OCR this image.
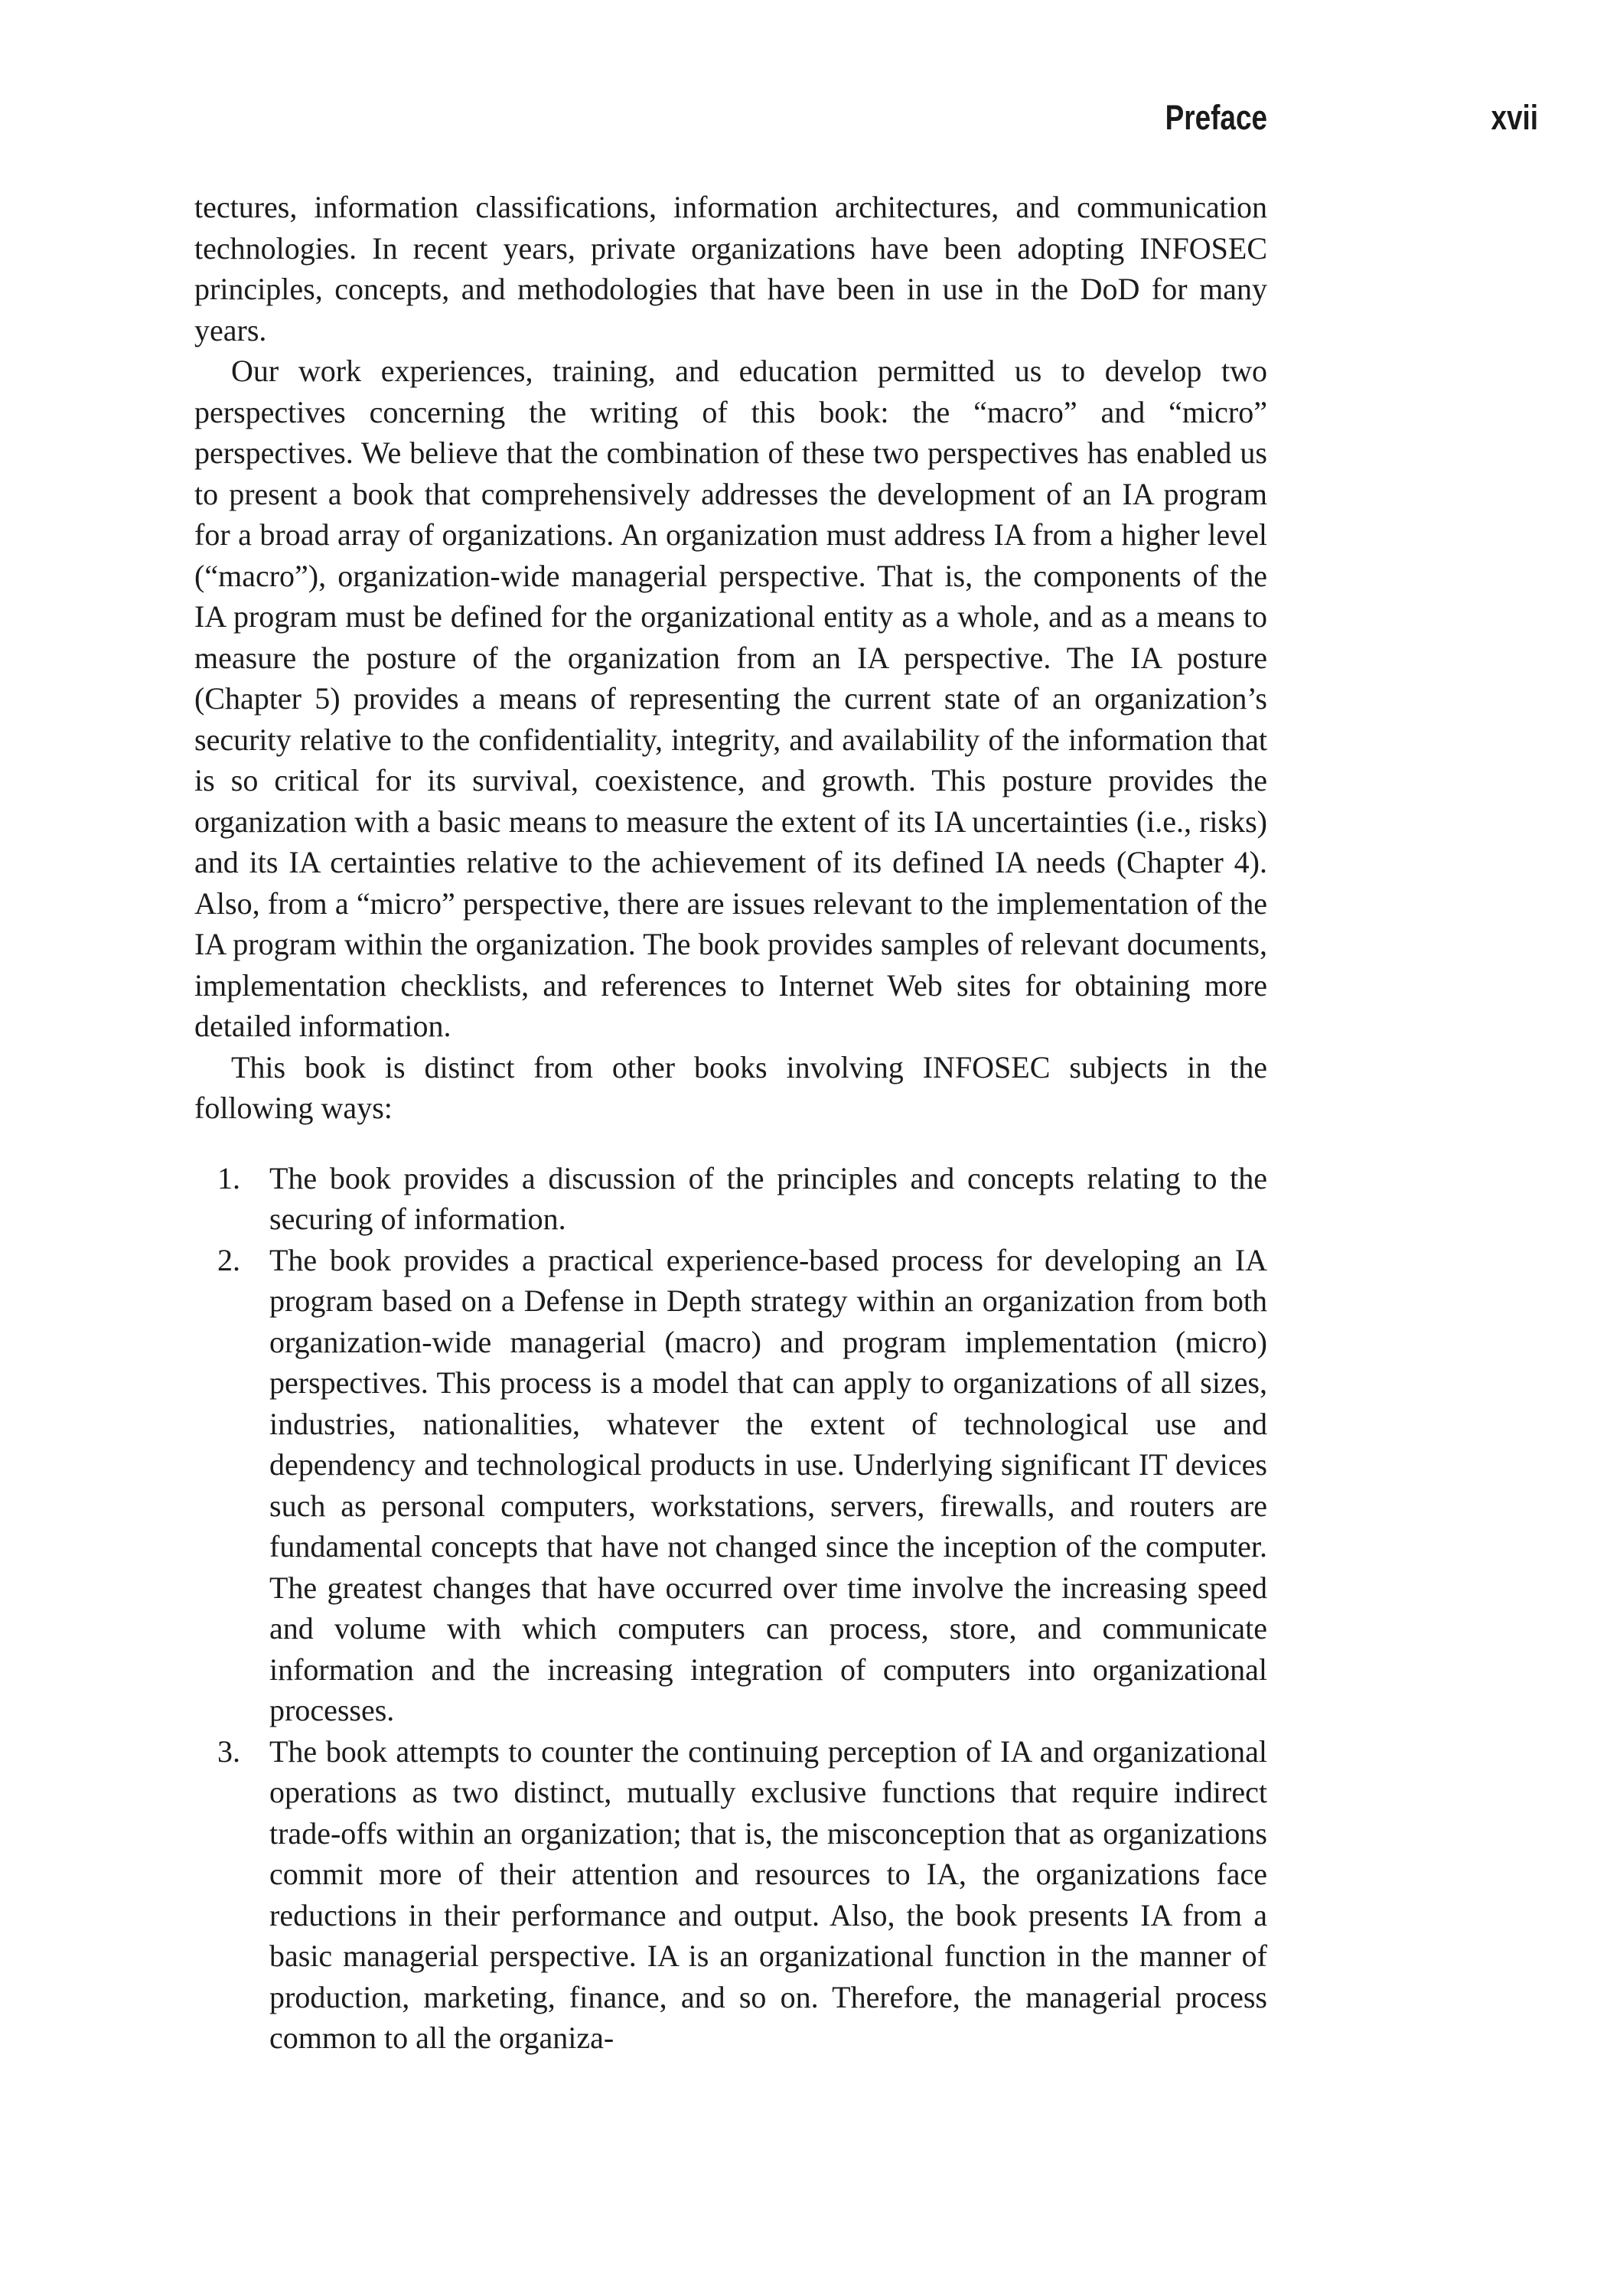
Preface	xvii

tectures, information classifications, information architectures, and communication technologies. In recent years, private organizations have been adopting INFOSEC principles, concepts, and methodologies that have been in use in the DoD for many years.

Our work experiences, training, and education permitted us to develop two perspectives concerning the writing of this book: the “macro” and “micro” perspectives. We believe that the combination of these two perspectives has enabled us to present a book that comprehensively addresses the development of an IA program for a broad array of organizations. An organization must address IA from a higher level (“macro”), organization-wide managerial perspective. That is, the components of the IA program must be defined for the organizational entity as a whole, and as a means to measure the posture of the organization from an IA perspective. The IA posture (Chapter 5) provides a means of representing the current state of an organization’s security relative to the confidentiality, integrity, and availability of the information that is so critical for its survival, coexistence, and growth. This posture provides the organization with a basic means to measure the extent of its IA uncertainties (i.e., risks) and its IA certainties relative to the achievement of its defined IA needs (Chapter 4). Also, from a “micro” perspective, there are issues relevant to the implementation of the IA program within the organization. The book provides samples of relevant documents, implementation checklists, and references to Internet Web sites for obtaining more detailed information.

This book is distinct from other books involving INFOSEC subjects in the following ways:

1. The book provides a discussion of the principles and concepts relating to the securing of information.
2. The book provides a practical experience-based process for developing an IA program based on a Defense in Depth strategy within an organization from both organization-wide managerial (macro) and program implementation (micro) perspectives. This process is a model that can apply to organizations of all sizes, industries, nationalities, whatever the extent of technological use and dependency and technological products in use. Underlying significant IT devices such as personal computers, workstations, servers, firewalls, and routers are fundamental concepts that have not changed since the inception of the computer. The greatest changes that have occurred over time involve the increasing speed and volume with which computers can process, store, and communicate information and the increasing integration of computers into organizational processes.
3. The book attempts to counter the continuing perception of IA and organizational operations as two distinct, mutually exclusive functions that require indirect trade-offs within an organization; that is, the misconception that as organizations commit more of their attention and resources to IA, the organizations face reductions in their performance and output. Also, the book presents IA from a basic managerial perspective. IA is an organizational function in the manner of production, marketing, finance, and so on. Therefore, the managerial process common to all the organiza-
